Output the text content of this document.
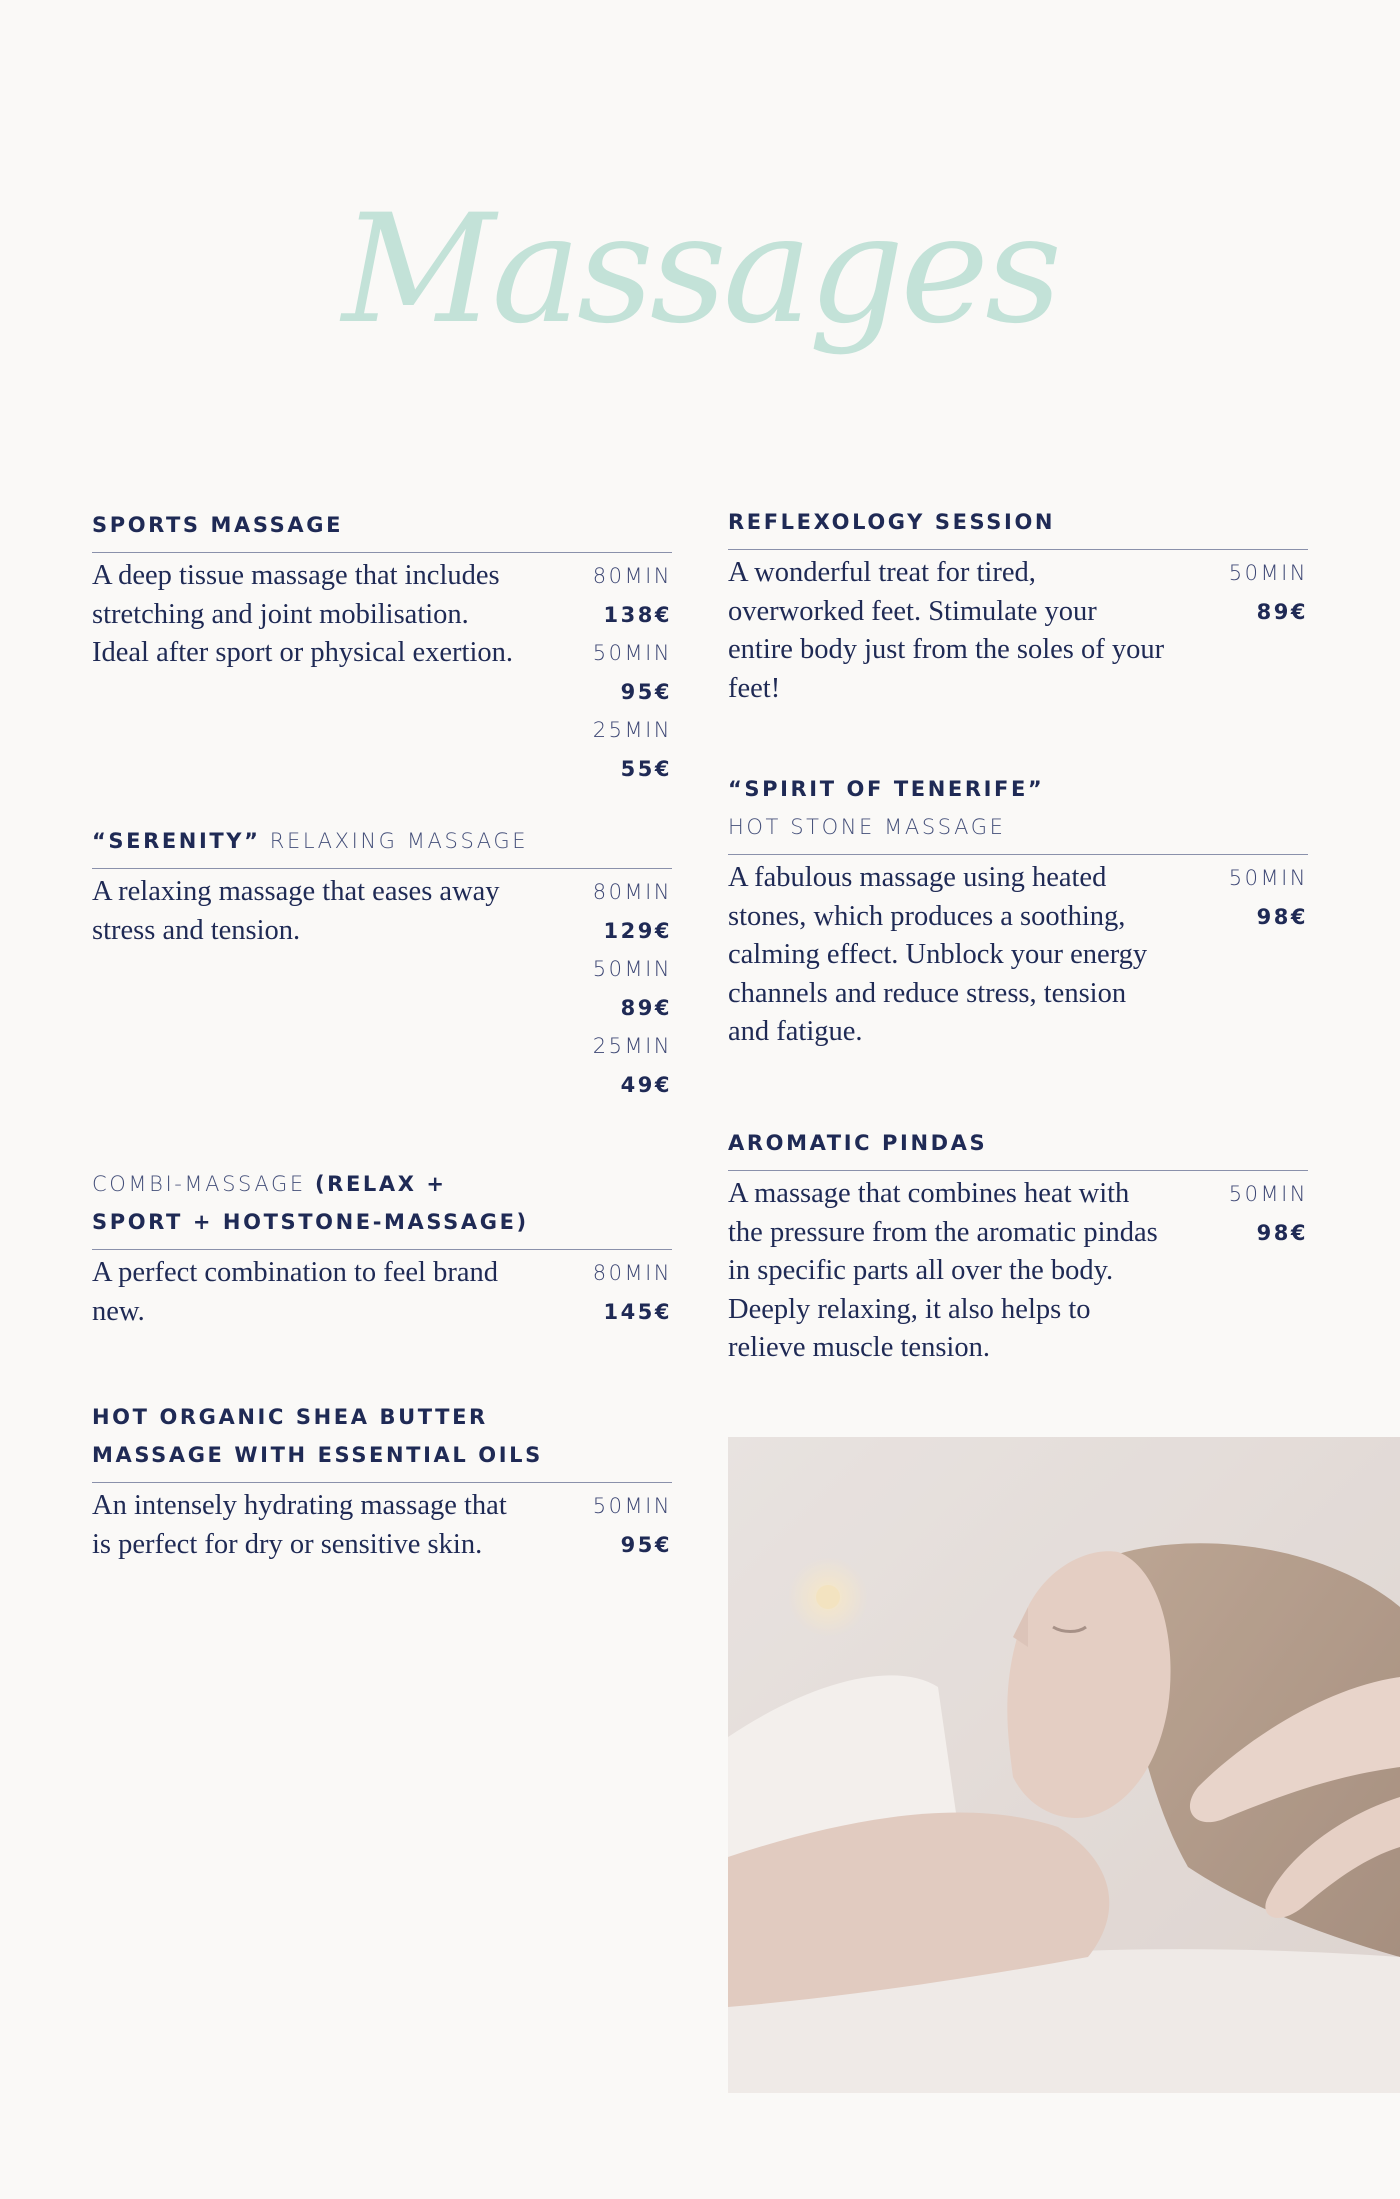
Massages
SPORTS MASSAGE
A deep tissue massage that includes stretching and joint mobilisation. Ideal after sport or physical exertion.
80MIN
138€
50MIN
95€
25MIN
55€
“SERENITY” RELAXING MASSAGE
A relaxing massage that eases away stress and tension.
80MIN
129€
50MIN
89€
25MIN
49€
COMBI-MASSAGE (RELAX +
SPORT + HOTSTONE-MASSAGE)
A perfect combination to feel brand new.
80MIN
145€
HOT ORGANIC SHEA BUTTER
MASSAGE WITH ESSENTIAL OILS
An intensely hydrating massage that is perfect for dry or sensitive skin.
50MIN
95€
REFLEXOLOGY SESSION
A wonderful treat for tired, overworked feet. Stimulate your entire body just from the soles of your feet!
50MIN
89€
“SPIRIT OF TENERIFE”
HOT STONE MASSAGE
A fabulous massage using heated stones, which produces a soothing, calming effect. Unblock your energy channels and reduce stress, tension and fatigue.
50MIN
98€
AROMATIC PINDAS
A massage that combines heat with the pressure from the aromatic pindas in specific parts all over the body. Deeply relaxing, it also helps to relieve muscle tension.
50MIN
98€
